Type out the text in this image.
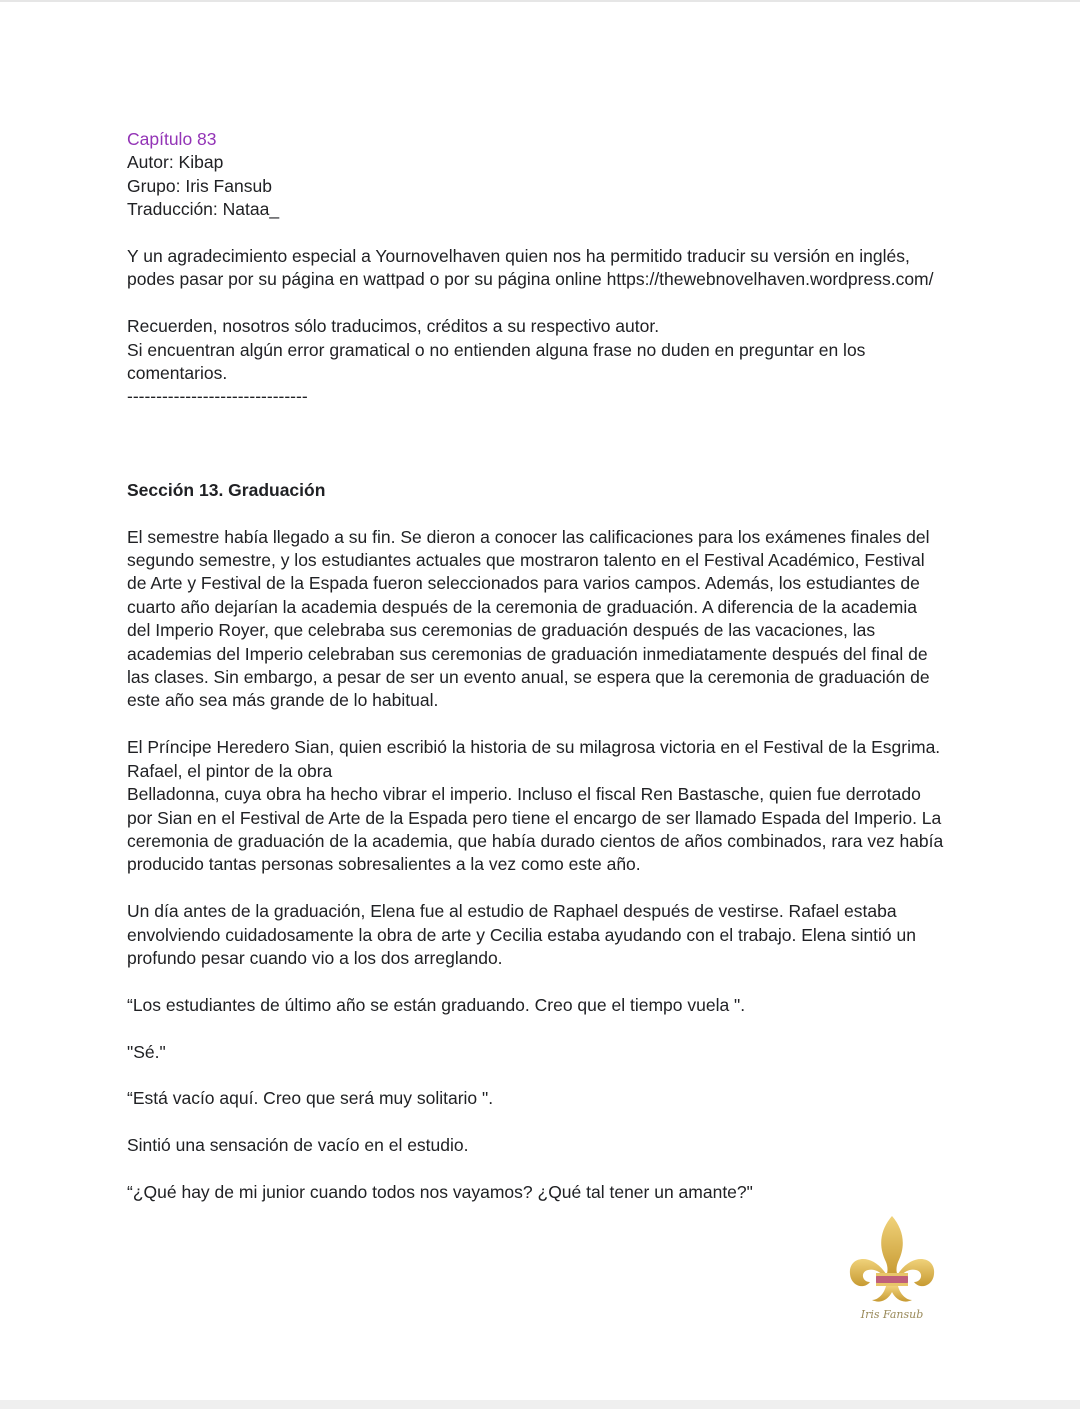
Capítulo 83
Autor: Kibap
Grupo: Iris Fansub
Traducción: Nataa_
Y un agradecimiento especial a Yournovelhaven quien nos ha permitido traducir su versión en inglés,
podes pasar por su página en wattpad o por su página online https://thewebnovelhaven.wordpress.com/
Recuerden, nosotros sólo traducimos, créditos a su respectivo autor.
Si encuentran algún error gramatical o no entienden alguna frase no duden en preguntar en los
comentarios.
-------------------------------
Sección 13. Graduación
El semestre había llegado a su fin. Se dieron a conocer las calificaciones para los exámenes finales del
segundo semestre, y los estudiantes actuales que mostraron talento en el Festival Académico, Festival
de Arte y Festival de la Espada fueron seleccionados para varios campos. Además, los estudiantes de
cuarto año dejarían la academia después de la ceremonia de graduación. A diferencia de la academia
del Imperio Royer, que celebraba sus ceremonias de graduación después de las vacaciones, las
academias del Imperio celebraban sus ceremonias de graduación inmediatamente después del final de
las clases. Sin embargo, a pesar de ser un evento anual, se espera que la ceremonia de graduación de
este año sea más grande de lo habitual.
El Príncipe Heredero Sian, quien escribió la historia de su milagrosa victoria en el Festival de la Esgrima.
Rafael, el pintor de la obra
Belladonna, cuya obra ha hecho vibrar el imperio. Incluso el fiscal Ren Bastasche, quien fue derrotado
por Sian en el Festival de Arte de la Espada pero tiene el encargo de ser llamado Espada del Imperio. La
ceremonia de graduación de la academia, que había durado cientos de años combinados, rara vez había
producido tantas personas sobresalientes a la vez como este año.
Un día antes de la graduación, Elena fue al estudio de Raphael después de vestirse. Rafael estaba
envolviendo cuidadosamente la obra de arte y Cecilia estaba ayudando con el trabajo. Elena sintió un
profundo pesar cuando vio a los dos arreglando.
“Los estudiantes de último año se están graduando. Creo que el tiempo vuela ".
"Sé."
“Está vacío aquí. Creo que será muy solitario ".
Sintió una sensación de vacío en el estudio.
“¿Qué hay de mi junior cuando todos nos vayamos? ¿Qué tal tener un amante?"
Iris Fansub
